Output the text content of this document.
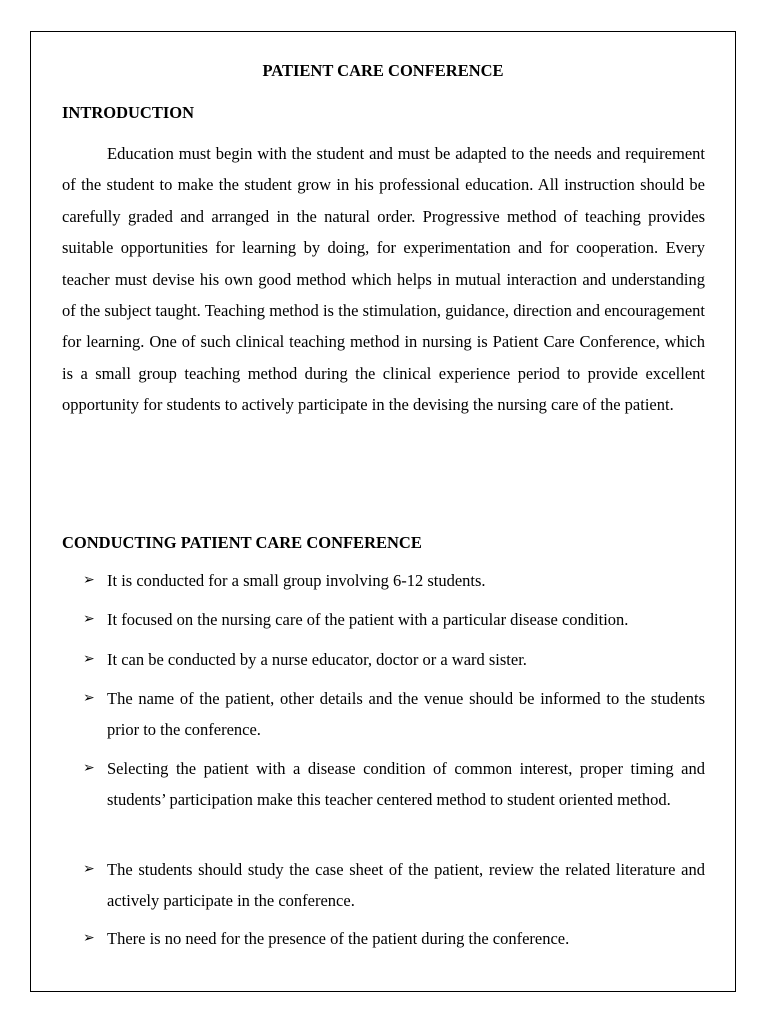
PATIENT CARE CONFERENCE
INTRODUCTION

Education must begin with the student and must be adapted to the needs and requirement of the student to make the student grow in his professional education. All instruction should be carefully graded and arranged in the natural order. Progressive method of teaching provides suitable opportunities for learning by doing, for experimentation and for cooperation. Every teacher must devise his own good method which helps in mutual interaction and understanding of the subject taught. Teaching method is the stimulation, guidance, direction and encouragement for learning. One of such clinical teaching method in nursing is Patient Care Conference, which is a small group teaching method during the clinical experience period to provide excellent opportunity for students to actively participate in the devising the nursing care of the patient.

CONDUCTING PATIENT CARE CONFERENCE
➢ It is conducted for a small group involving 6-12 students.

➢ It focused on the nursing care of the patient with a particular disease condition.

➢ It can be conducted by a nurse educator, doctor or a ward sister.

➢ The name of the patient, other details and the venue should be informed to the students prior to the conference.

➢ Selecting the patient with a disease condition of common interest, proper timing and students’ participation make this teacher centered method to student oriented method.

➢ The students should study the case sheet of the patient, review the related literature and actively participate in the conference.

➢ There is no need for the presence of the patient during the conference.
